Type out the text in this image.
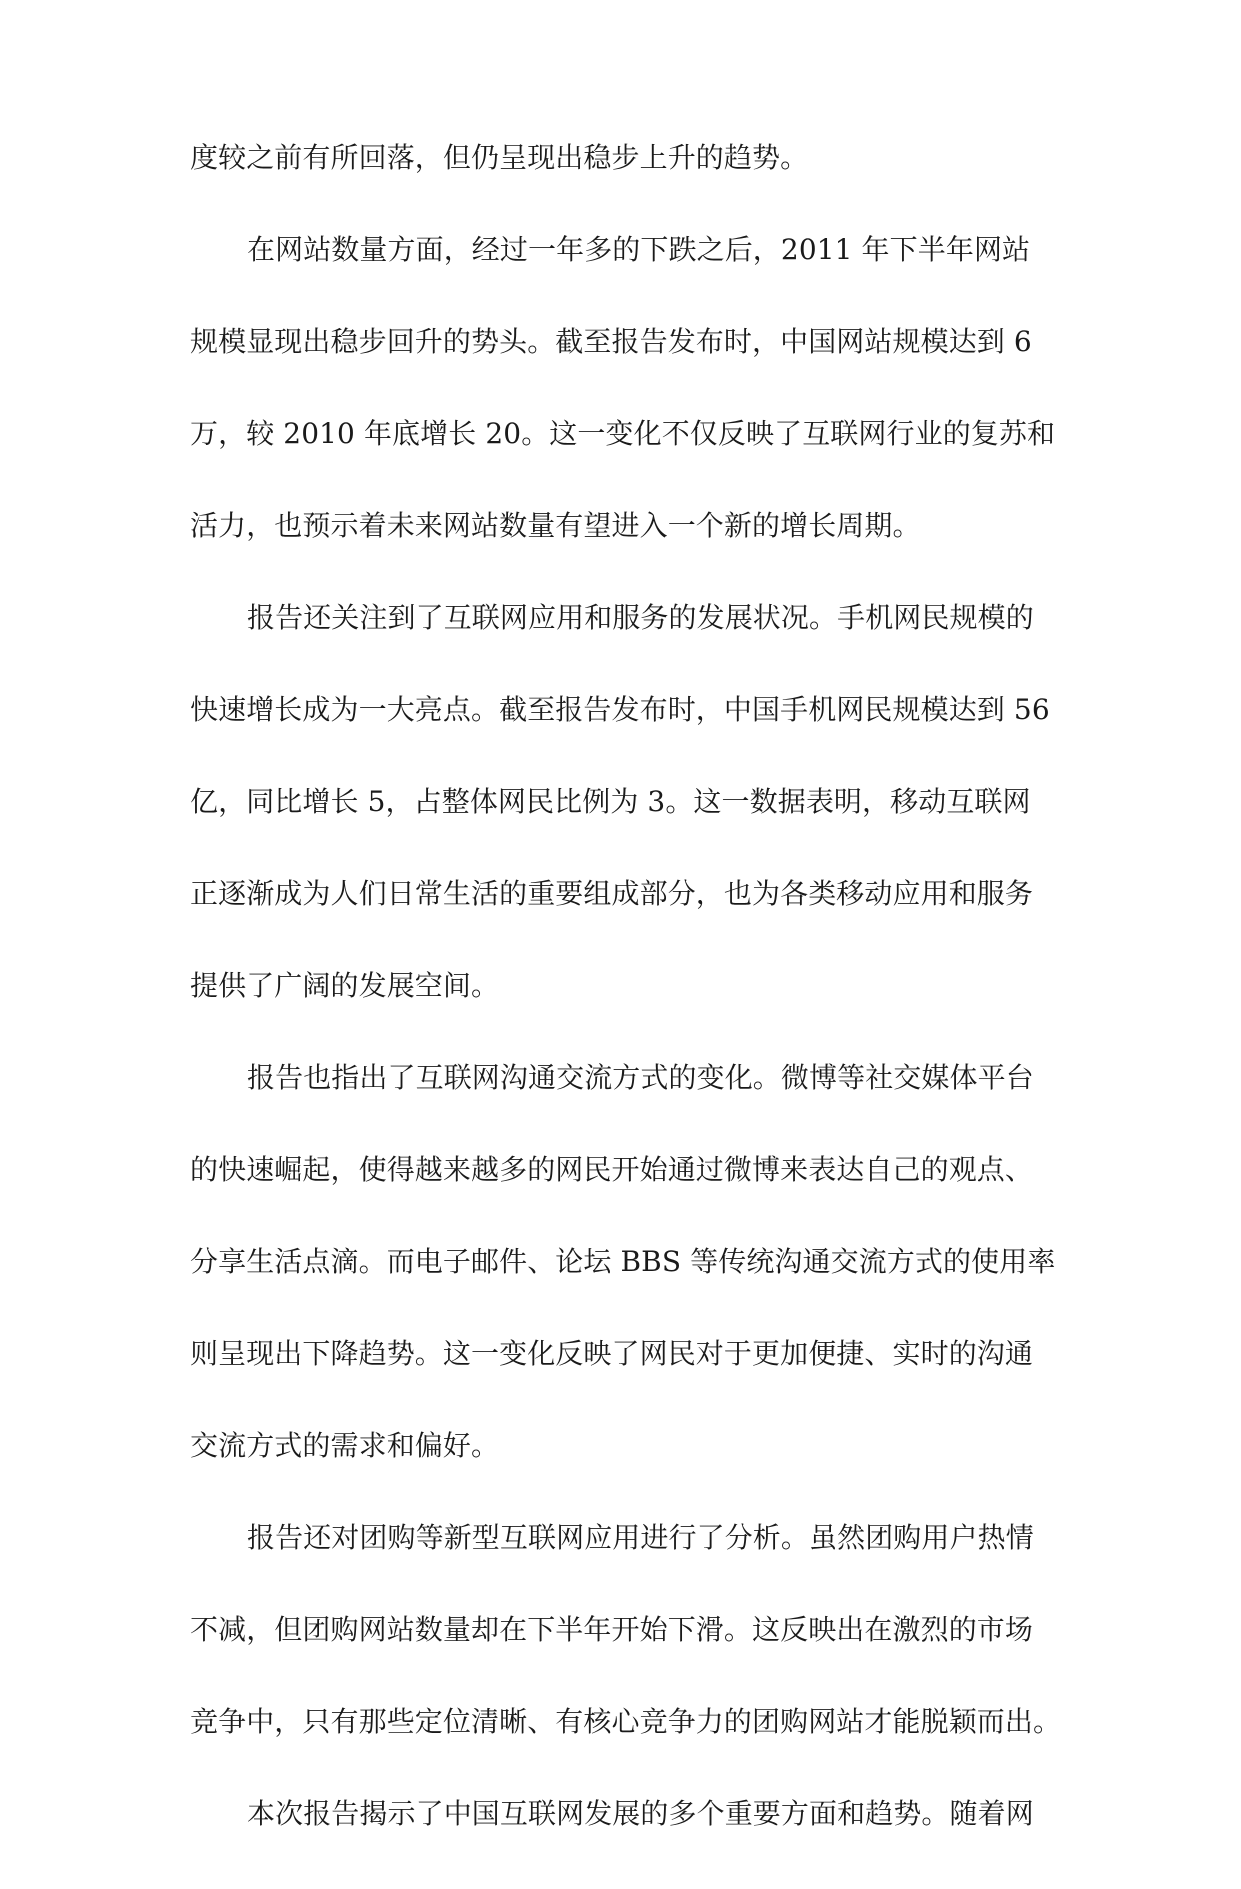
度较之前有所回落，但仍呈现出稳步上升的趋势。
在网站数量方面，经过一年多的下跌之后，2011 年下半年网站
规模显现出稳步回升的势头。截至报告发布时，中国网站规模达到 6
万，较 2010 年底增长 20。这一变化不仅反映了互联网行业的复苏和
活力，也预示着未来网站数量有望进入一个新的增长周期。
报告还关注到了互联网应用和服务的发展状况。手机网民规模的
快速增长成为一大亮点。截至报告发布时，中国手机网民规模达到 56
亿，同比增长 5，占整体网民比例为 3。这一数据表明，移动互联网
正逐渐成为人们日常生活的重要组成部分，也为各类移动应用和服务
提供了广阔的发展空间。
报告也指出了互联网沟通交流方式的变化。微博等社交媒体平台
的快速崛起，使得越来越多的网民开始通过微博来表达自己的观点、
分享生活点滴。而电子邮件、论坛 BBS 等传统沟通交流方式的使用率
则呈现出下降趋势。这一变化反映了网民对于更加便捷、实时的沟通
交流方式的需求和偏好。
报告还对团购等新型互联网应用进行了分析。虽然团购用户热情
不减，但团购网站数量却在下半年开始下滑。这反映出在激烈的市场
竞争中，只有那些定位清晰、有核心竞争力的团购网站才能脱颖而出。
本次报告揭示了中国互联网发展的多个重要方面和趋势。随着网
